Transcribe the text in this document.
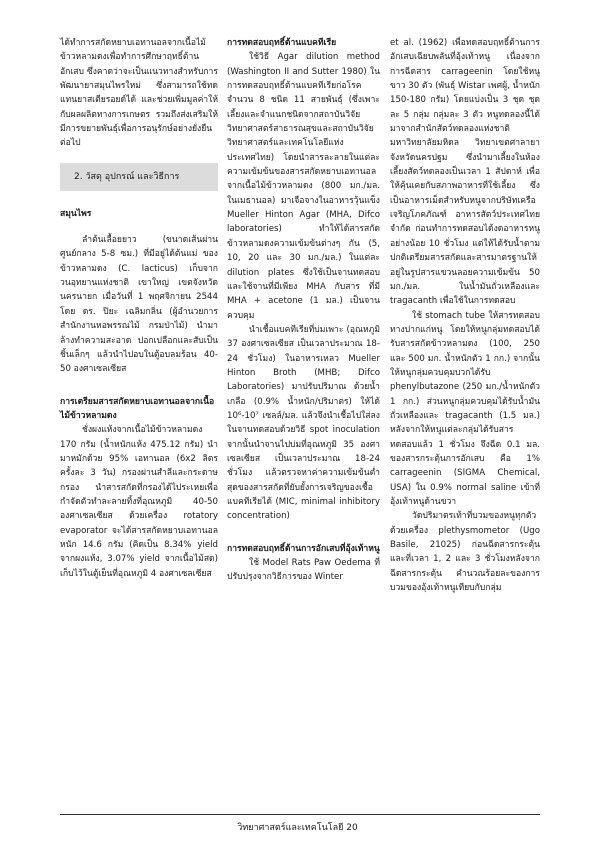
ได้ทำการสกัดหยาบเอทานอลจากเนื้อไม้ข้าวหลามดงเพื่อทำการศึกษาฤทธิ์ต้านอักเสบ ซึ่งคาดว่าจะเป็นแนวทางสำหรับการพัฒนายาสมุนไพรใหม่ ซึ่งสามารถใช้ทดแทนยาสเตียรอยด์ได้ และช่วยเพิ่มมูลค่าให้กับผลผลิตทางการเกษตร รวมถึงส่งเสริมให้มีการขยายพันธุ์เพื่อการอนุรักษ์อย่างยั่งยืนต่อไป

2. วัสดุ อุปกรณ์ และวิธีการ

สมุนไพร

ลำต้นเลื้อยยาว (ขนาดเส้นผ่านศูนย์กลาง 5-8 ซม.) ที่มีอยู่ได้ต้นแม่ ของข้าวหลามดง (C. lacticus) เก็บจากวนอุทยานแห่งชาติ เขาใหญ่ เขตจังหวัดนครนายก เมื่อวันที่ 1 พฤศจิกายน 2544 โดย ดร. ปิยะ เฉลิมกลิ่น (ผู้อำนวยการสำนักงานหอพรรณไม้ กรมป่าไม้) นำมาล้างทำความสะอาด ปอกเปลือกและสับเป็นชิ้นเล็กๆ แล้วนำไปอบในตู้อบลมร้อน 40-50 องศาเซลเซียส

การเตรียมสารสกัดหยาบเอทานอลจากเนื้อไม้ข้าวหลามดง

ชั่งผงแห้งจากเนื้อไม้ข้าวหลามดง 170 กรัม (น้ำหนักแห้ง 475.12 กรัม) นำมาหมักด้วย 95% เอทานอล (6x2 ลิตร ครั้งละ 3 วัน) กรองผ่านสำลีและกระดาษกรอง นำสารสกัดที่กรองได้ไประเหยเพื่อกำจัดตัวทำละลายทิ้งที่อุณหภูมิ 40-50 องศาเซลเซียส ด้วยเครื่อง rotatory evaporator จะได้สารสกัดหยาบเอทานอล หนัก 14.6 กรัม (คิดเป็น 8.34% yield จากผงแห้ง, 3.07% yield จากเนื้อไม้สด) เก็บไว้ในตู้เย็นที่อุณหภูมิ 4 องศาเซลเซียส

การทดสอบฤทธิ์ต้านแบคทีเรีย

ใช้วิธี Agar dilution method (Washington II and Sutter 1980) ในการทดสอบฤทธิ์ต้านแบคทีเรียก่อโรค จำนวน 8 ชนิด 11 สายพันธุ์ (ซึ่งเพาะเลี้ยงและจำแนกชนิดจากสถาบันวิจัยวิทยาศาสตร์สาธารณสุขและสถาบันวิจัยวิทยาศาสตร์และเทคโนโลยีแห่งประเทศไทย) โดยนำสารละลายในแต่ละความเข้มข้นของสารสกัดหยาบเอทานอลจากเนื้อไม้ข้าวหลามดง (800 มก./มล. ในเมธานอล) มาเจือจางในอาหารวุ้นแข็ง Mueller Hinton Agar (MHA, Difco laboratories) ทำให้ได้สารสกัดข้าวหลามดงความเข้มข้นต่างๆ กัน (5, 10, 20 และ 30 มก./มล.) ในแต่ละ dilution plates ซึ่งใช้เป็นจานทดสอบ และใช้จานที่มีเพียง MHA กับสาร ที่มี MHA + acetone (1 มล.) เป็นจานควบคุม

นำเชื้อแบคทีเรียที่บ่มเพาะ (อุณหภูมิ 37 องศาเซลเซียส เป็นเวลาประมาณ 18-24 ชั่วโมง) ในอาหารเหลว Mueller Hinton Broth (MHB; Difco Laboratories) มาปรับปริมาณ ด้วยน้ำเกลือ (0.9% น้ำหนัก/ปริมาตร) ให้ได้ 10⁶-10⁷ เซลล์/มล. แล้วจึงนำเชื้อไปใส่ลงในจานทดสอบด้วยวิธี spot inoculation จากนั้นนำจานไปบ่มที่อุณหภูมิ 35 องศาเซลเซียส เป็นเวลาประมาณ 18-24 ชั่วโมง แล้วตรวจหาค่าความเข้มข้นต่ำสุดของสารสกัดที่ยับยั้งการเจริญของเชื้อแบคทีเรียได้ (MIC, minimal inhibitory concentration)

การทดสอบฤทธิ์ต้านการอักเสบที่อุ้งเท้าหนู

ใช้ Model Rats Paw Oedema ที่ปรับปรุงจากวิธีการของ Winter

et al. (1962) เพื่อทดสอบฤทธิ์ต้านการอักเสบเฉียบพลันที่อุ้งเท้าหนู เนื่องจากการฉีดสาร carrageenin โดยใช้หนูขาว 30 ตัว (พันธุ์ Wistar เพศผู้, น้ำหนัก 150-180 กรัม) โดยแบ่งเป็น 3 ชุด ชุดละ 5 กลุ่ม กลุ่มละ 3 ตัว หนูทดลองนี้ได้มาจากสำนักสัตว์ทดลองแห่งชาติ มหาวิทยาลัยมหิดล วิทยาเขตศาลายา จังหวัดนครปฐม ซึ่งนำมาเลี้ยงในห้องเลี้ยงสัตว์ทดลองเป็นเวลา 1 สัปดาห์ เพื่อให้คุ้นเคยกับสภาพอาหารที่ใช้เลี้ยง ซึ่งเป็นอาหารเม็ดสำหรับหนูจากบริษัทเครือเจริญโภคภัณฑ์ อาหารสัตว์ประเทศไทย จำกัด ก่อนทำการทดสอบได้งดอาหารหนูอย่างน้อย 10 ชั่วโมง แต่ให้ได้รับน้ำตามปกติเตรียมสารสกัดและสารมาตรฐานให้อยู่ในรูปสารแขวนลอยความเข้มข้น 50 มก./มล. ในน้ำมันถั่วเหลืองและ tragacanth เพื่อใช้ในการทดสอบ

ใช้ stomach tube ให้สารทดสอบทางปากแก่หนู โดยให้หนูกลุ่มทดสอบได้รับสารสกัดข้าวหลามดง (100, 250 และ 500 มก. น้ำหนักตัว 1 กก.) จากนั้นให้หนูกลุ่มควบคุมบวกได้รับ phenylbutazone (250 มก./น้ำหนักตัว 1 กก.) ส่วนหนูกลุ่มควบคุมได้รับน้ำมันถั่วเหลืองและ tragacanth (1.5 มล.) หลังจากให้หนูแต่ละกลุ่มได้รับสารทดสอบแล้ว 1 ชั่วโมง จึงฉีด 0.1 มล. ของสารกระตุ้นการอักเสบ คือ 1% carrageenin (SIGMA Chemical, USA) ใน 0.9% normal saline เข้าที่อุ้งเท้าหนูด้านขวา

วัดปริมาตรเท้าที่บวมของหนูทุกตัวด้วยเครื่อง plethysmometor (Ugo Basile, 21025) ก่อนฉีดสารกระตุ้น และที่เวลา 1, 2 และ 3 ชั่วโมงหลังจากฉีดสารกระตุ้น คำนวณร้อยละของการบวมของอุ้งเท้าหนูเทียบกับกลุ่ม

วิทยาศาสตร์และเทคโนโลยี 20
